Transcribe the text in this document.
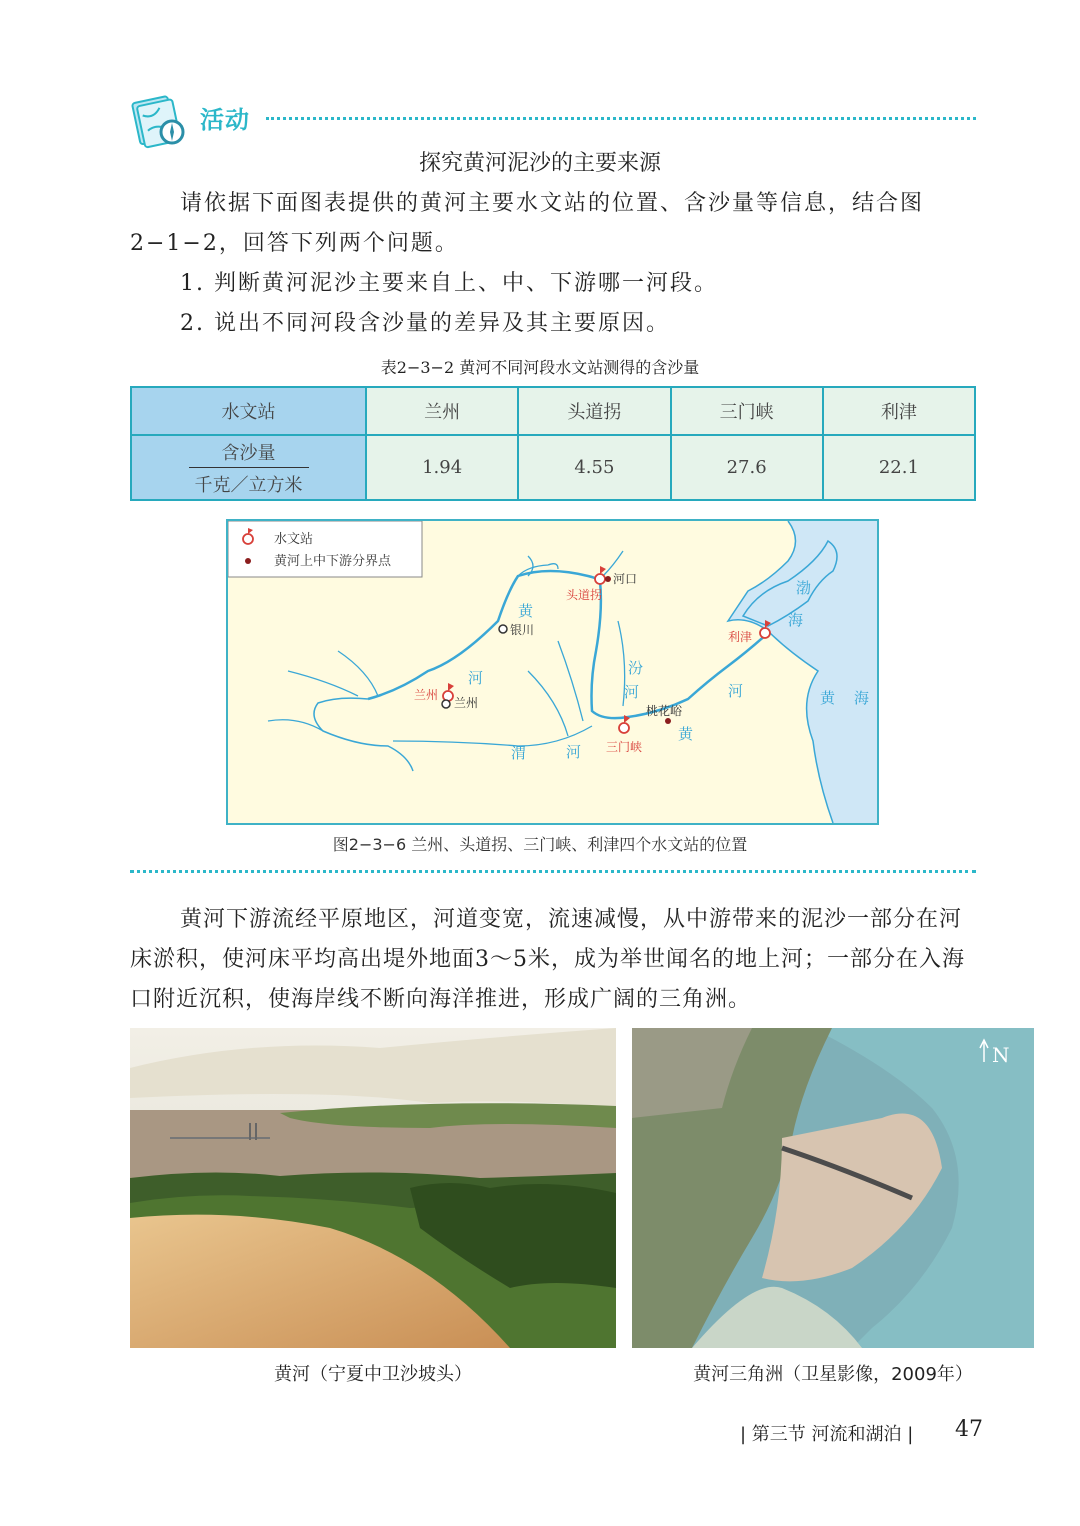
活动
探究黄河泥沙的主要来源
请依据下面图表提供的黄河主要水文站的位置、含沙量等信息，结合图2−1−2，回答下列两个问题。
1. 判断黄河泥沙主要来自上、中、下游哪一河段。
2. 说出不同河段含沙量的差异及其主要原因。
表2−3−2 黄河不同河段水文站测得的含沙量
水文站	兰州	头道拐	三门峡	利津

含沙量
千克／立方米	1.94	4.55	27.6	22.1
水文站
黄河上中下游分界点
河口
头道拐
银川
兰州
兰州
桃花峪
三门峡
利津
渤
海
黄 海
黄
河
汾
河
渭	河
河
黄
图2−3−6 兰州、头道拐、三门峡、利津四个水文站的位置
黄河下游流经平原地区，河道变宽，流速减慢，从中游带来的泥沙一部分在河床淤积，使河床平均高出堤外地面3～5米，成为举世闻名的地上河；一部分在入海口附近沉积，使海岸线不断向海洋推进，形成广阔的三角洲。
N
黄河（宁夏中卫沙坡头）	黄河三角洲（卫星影像，2009年）
| 第三节 河流和湖泊 | 47
